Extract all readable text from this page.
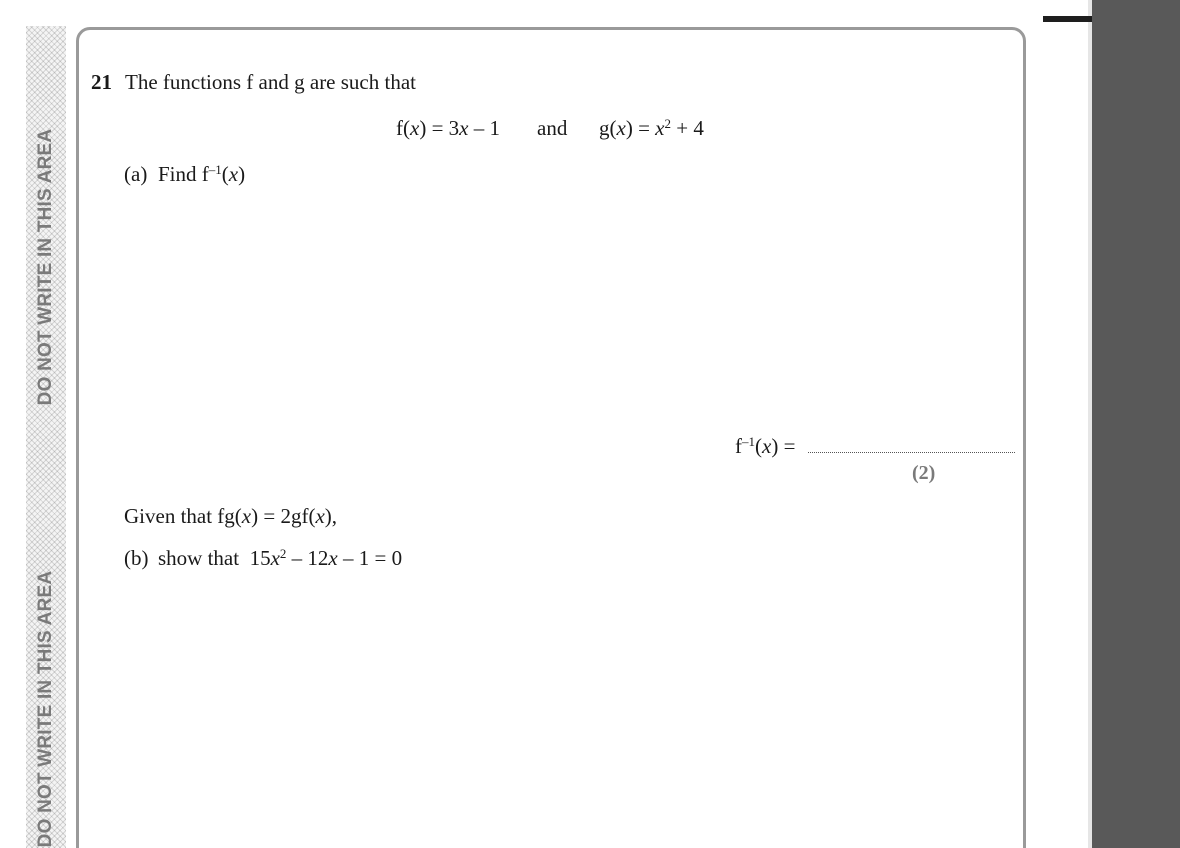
DO NOT WRITE IN THIS AREA
DO NOT WRITE IN THIS AREA
21 The functions f and g are such that
f(x) = 3x – 1 and $g(x) = x^2 + 4$
(a) Find $f^{-1}(x)$
$f^{-1}(x)$ =
(2)
Given that fg(x) = 2gf(x),
(b) show that  $15x^2 - 12x - 1 = 0$
